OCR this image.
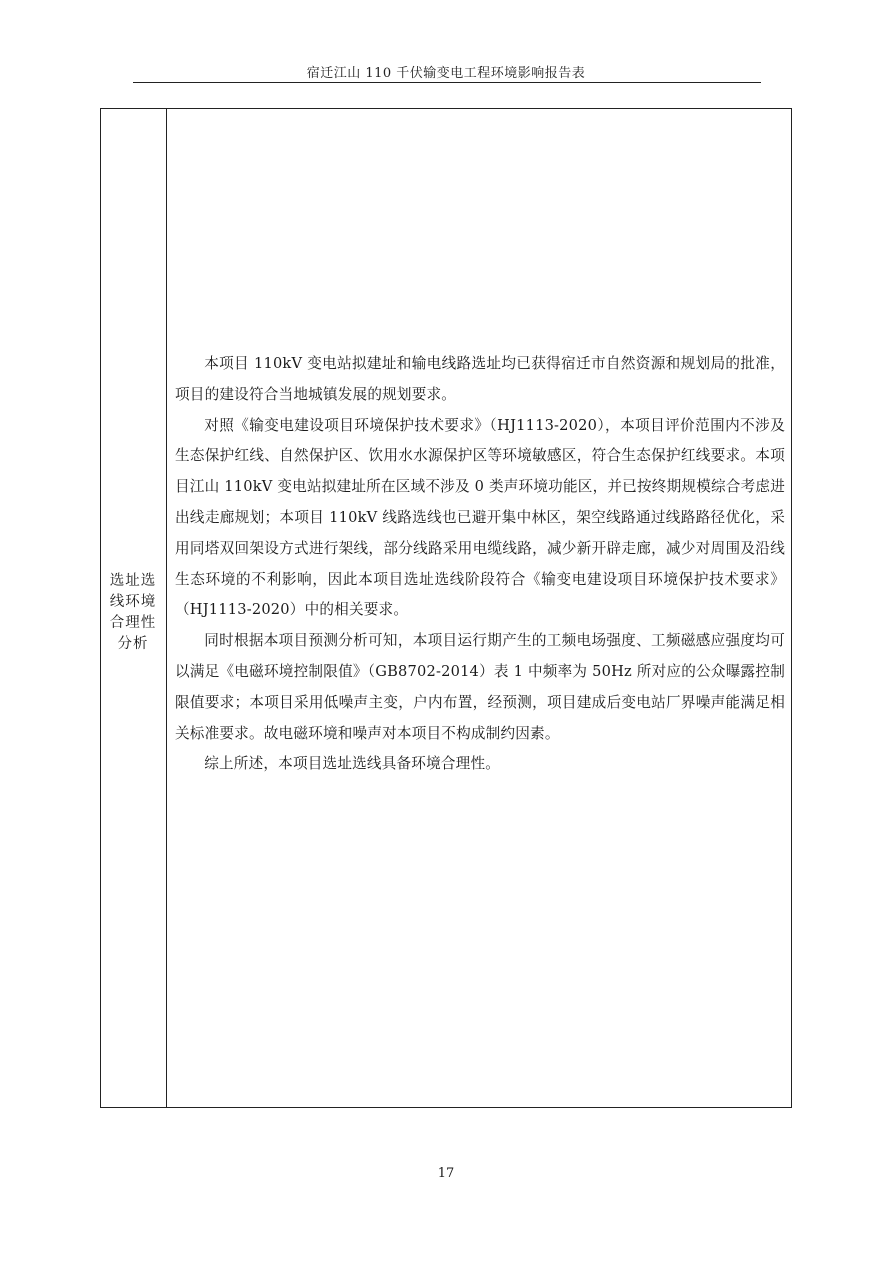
宿迁江山 110 千伏输变电工程环境影响报告表
选址选
线环境
合理性
分析

本项目 110kV 变电站拟建址和输电线路选址均已获得宿迁市自然资源和规划局的批准，项目的建设符合当地城镇发展的规划要求。

对照《输变电建设项目环境保护技术要求》（HJ1113-2020），本项目评价范围内不涉及生态保护红线、自然保护区、饮用水水源保护区等环境敏感区，符合生态保护红线要求。本项目江山 110kV 变电站拟建址所在区域不涉及 0 类声环境功能区，并已按终期规模综合考虑进出线走廊规划；本项目 110kV 线路选线也已避开集中林区，架空线路通过线路路径优化，采用同塔双回架设方式进行架线，部分线路采用电缆线路，减少新开辟走廊，减少对周围及沿线生态环境的不利影响，因此本项目选址选线阶段符合《输变电建设项目环境保护技术要求》（HJ1113-2020）中的相关要求。

同时根据本项目预测分析可知，本项目运行期产生的工频电场强度、工频磁感应强度均可以满足《电磁环境控制限值》（GB8702-2014）表 1 中频率为 50Hz 所对应的公众曝露控制限值要求；本项目采用低噪声主变，户内布置，经预测，项目建成后变电站厂界噪声能满足相关标准要求。故电磁环境和噪声对本项目不构成制约因素。

综上所述，本项目选址选线具备环境合理性。

17
